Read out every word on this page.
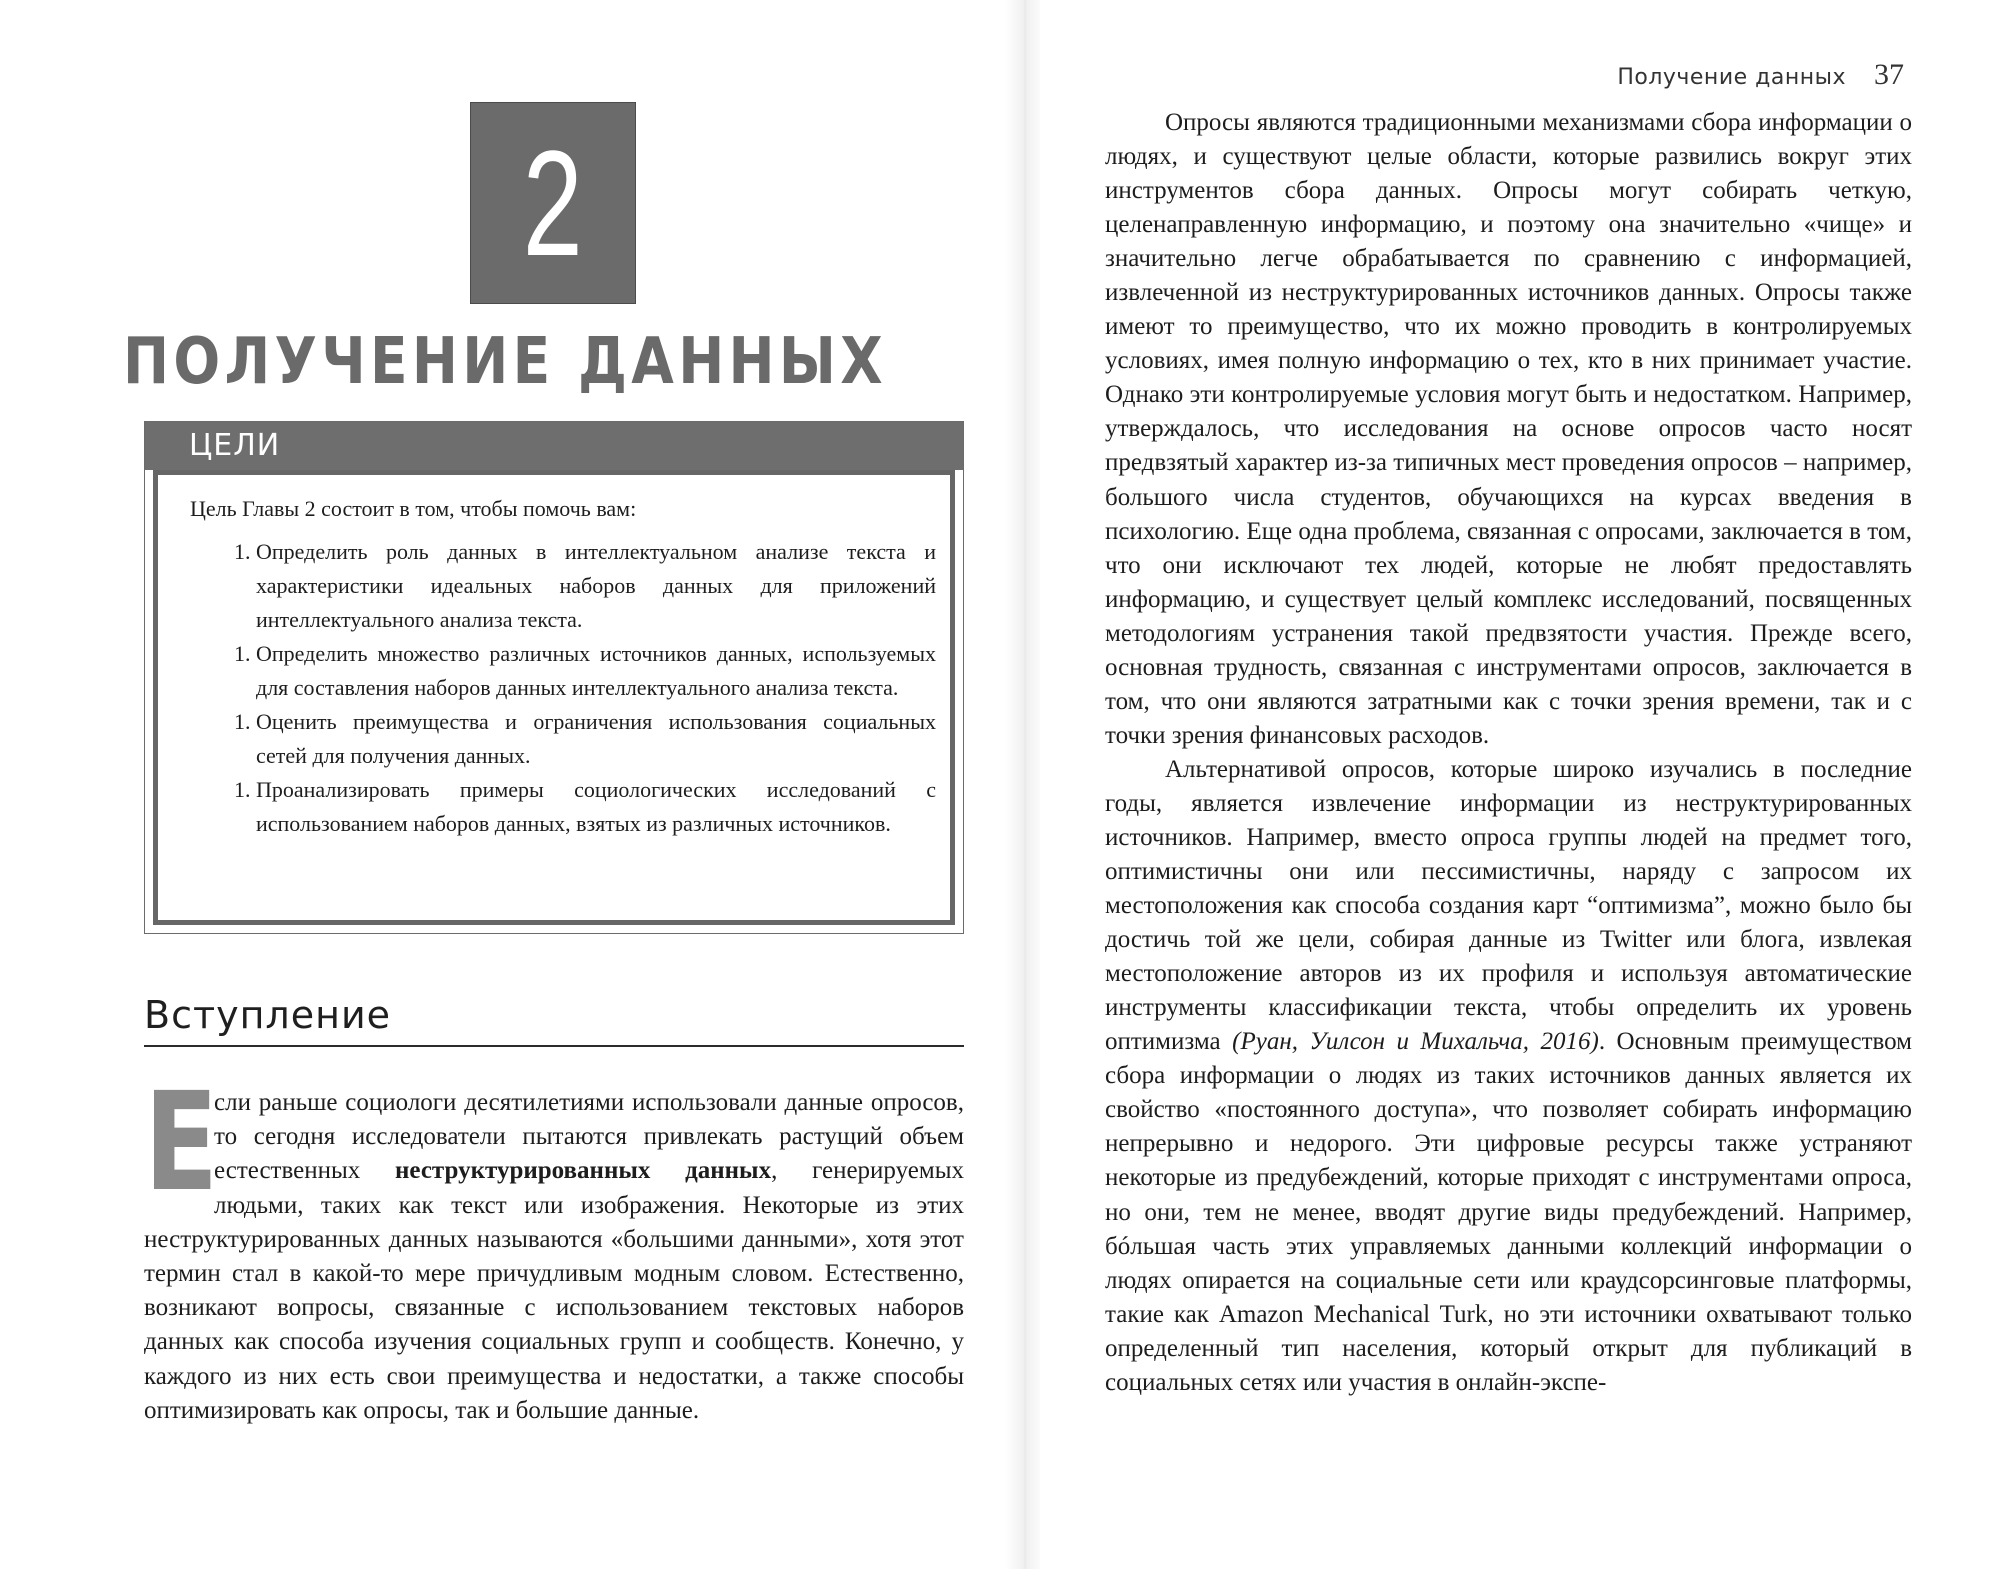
2
ПОЛУЧЕНИЕ ДАННЫХ
ЦЕЛИ

Цель Главы 2 состоит в том, чтобы помочь вам:

1. Определить роль данных в интеллектуальном анализе текста и характеристики идеальных наборов данных для приложений интеллектуального анализа текста.
1. Определить множество различных источников данных, используемых для составления наборов данных интеллектуального анализа текста.
1. Оценить преимущества и ограничения использования социальных сетей для получения данных.
1. Проанализировать примеры социологических исследований с использованием наборов данных, взятых из различных источников.
Вступление
Е

сли раньше социологи десятилетиями использовали данные опросов, то сегодня исследователи пытаются привлекать растущий объем естественных неструктурированных данных, генерируемых людьми, таких как текст или изображения. Некоторые из этих неструктурированных данных называются «большими данными», хотя этот термин стал в какой-то мере причудливым модным словом. Естественно, возникают вопросы, связанные с использованием текстовых наборов данных как способа изучения социальных групп и сообществ. Конечно, у каждого из них есть свои преимущества и недостатки, а также способы оптимизировать как опросы, так и большие данные.

Получение данных 37

Опросы являются традиционными механизмами сбора информации о людях, и существуют целые области, которые развились вокруг этих инструментов сбора данных. Опросы могут собирать четкую, целенаправленную информацию, и поэтому она значительно «чище» и значительно легче обрабатывается по сравнению с информацией, извлеченной из неструктурированных источников данных. Опросы также имеют то преимущество, что их можно проводить в контролируемых условиях, имея полную информацию о тех, кто в них принимает участие. Однако эти контролируемые условия могут быть и недостатком. Например, утверждалось, что исследования на основе опросов часто носят предвзятый характер из-за типичных мест проведения опросов – например, большого числа студентов, обучающихся на курсах введения в психологию. Еще одна проблема, связанная с опросами, заключается в том, что они исключают тех людей, которые не любят предоставлять информацию, и существует целый комплекс исследований, посвященных методологиям устранения такой предвзятости участия. Прежде всего, основная трудность, связанная с инструментами опросов, заключается в том, что они являются затратными как с точки зрения времени, так и с точки зрения финансовых расходов.

Альтернативой опросов, которые широко изучались в последние годы, является извлечение информации из неструктурированных источников. Например, вместо опроса группы людей на предмет того, оптимистичны они или пессимистичны, наряду с запросом их местоположения как способа создания карт “оптимизма”, можно было бы достичь той же цели, собирая данные из Twitter или блога, извлекая местоположение авторов из их профиля и используя автоматические инструменты классификации текста, чтобы определить их уровень оптимизма (Руан, Уилсон и Михальча, 2016). Основным преимуществом сбора информации о людях из таких источников данных является их свойство «постоянного доступа», что позволяет собирать информацию непрерывно и недорого. Эти цифровые ресурсы также устраняют некоторые из предубеждений, которые приходят с инструментами опроса, но они, тем не менее, вводят другие виды предубеждений. Например, бóльшая часть этих управляемых данными коллекций информации о людях опирается на социальные сети или краудсорсинговые платформы, такие как Amazon Mechanical Turk, но эти источники охватывают только определенный тип населения, который открыт для публикаций в социальных сетях или участия в онлайн-экспе-
